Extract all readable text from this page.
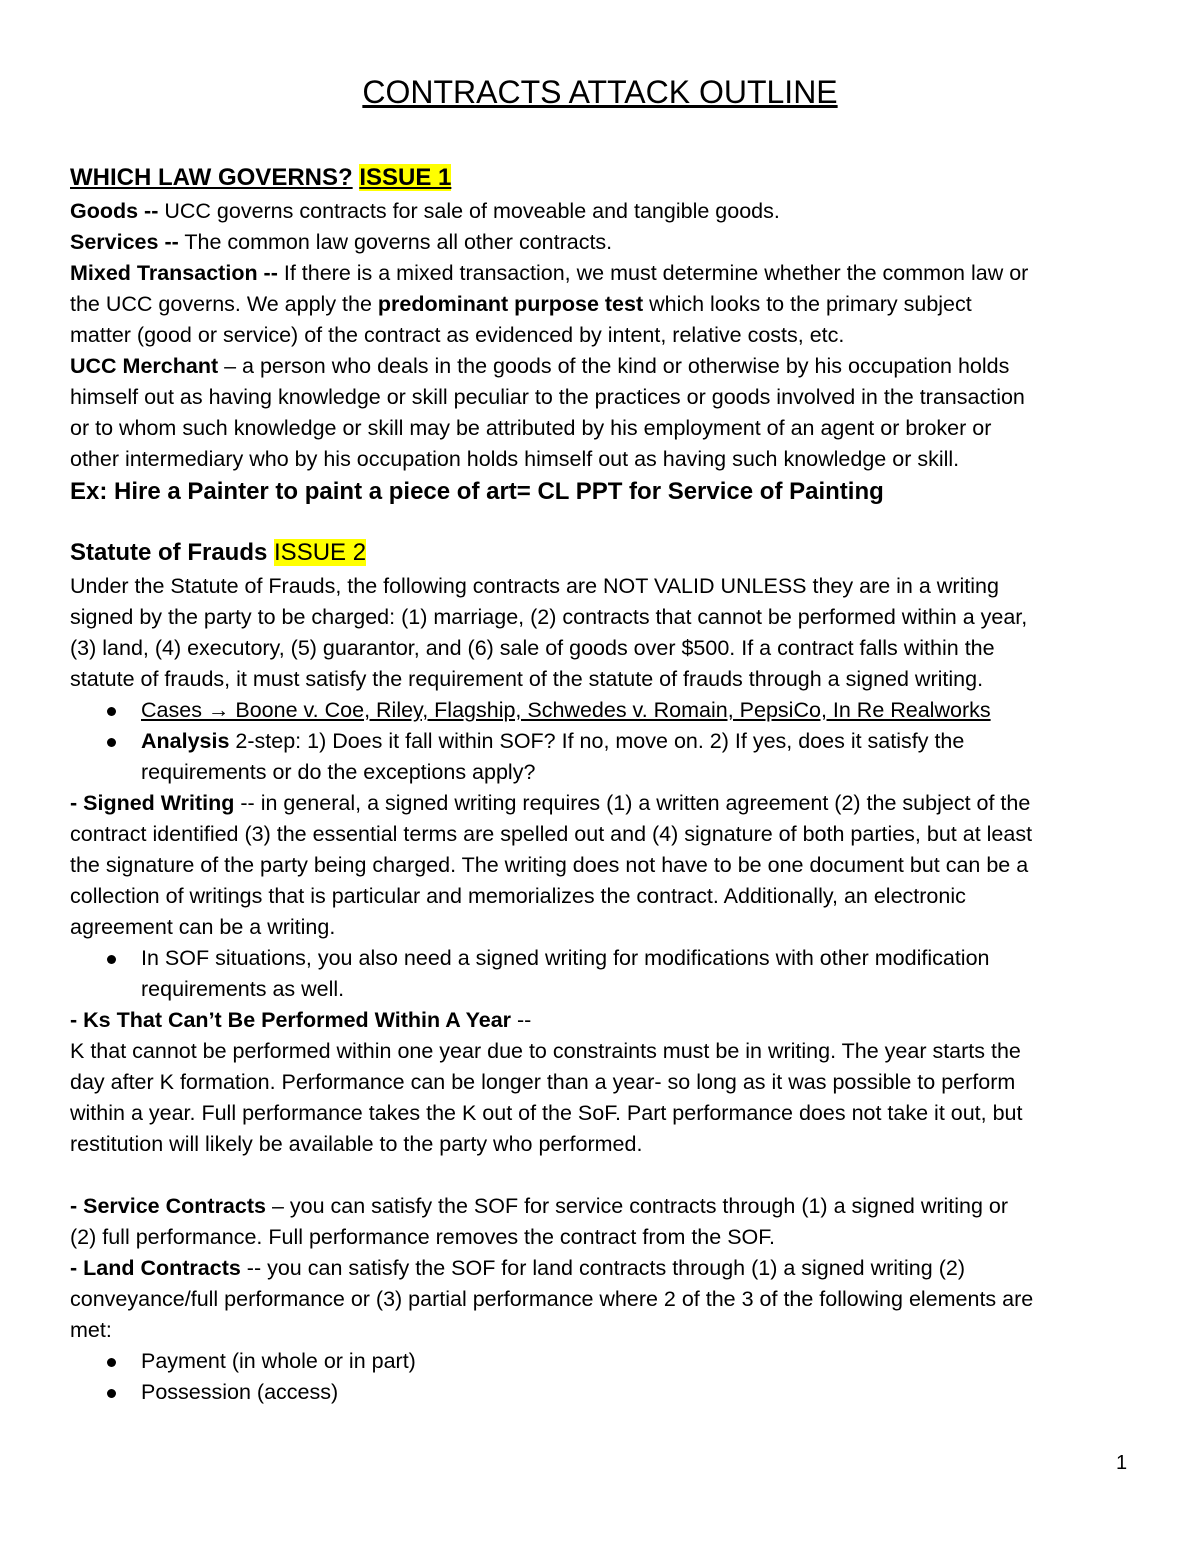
CONTRACTS ATTACK OUTLINE
WHICH LAW GOVERNS? ISSUE 1
Goods -- UCC governs contracts for sale of moveable and tangible goods.
Services -- The common law governs all other contracts.
Mixed Transaction -- If there is a mixed transaction, we must determine whether the common law or
the UCC governs. We apply the predominant purpose test which looks to the primary subject
matter (good or service) of the contract as evidenced by intent, relative costs, etc.
UCC Merchant – a person who deals in the goods of the kind or otherwise by his occupation holds
himself out as having knowledge or skill peculiar to the practices or goods involved in the transaction
or to whom such knowledge or skill may be attributed by his employment of an agent or broker or
other intermediary who by his occupation holds himself out as having such knowledge or skill.
Ex: Hire a Painter to paint a piece of art= CL PPT for Service of Painting
Statute of Frauds ISSUE 2
Under the Statute of Frauds, the following contracts are NOT VALID UNLESS they are in a writing
signed by the party to be charged: (1) marriage, (2) contracts that cannot be performed within a year,
(3) land, (4) executory, (5) guarantor, and (6) sale of goods over $500. If a contract falls within the
statute of frauds, it must satisfy the requirement of the statute of frauds through a signed writing.
Cases → Boone v. Coe, Riley, Flagship, Schwedes v. Romain, PepsiCo, In Re Realworks
Analysis 2-step: 1) Does it fall within SOF? If no, move on. 2) If yes, does it satisfy the
requirements or do the exceptions apply?
- Signed Writing -- in general, a signed writing requires (1) a written agreement (2) the subject of the
contract identified (3) the essential terms are spelled out and (4) signature of both parties, but at least
the signature of the party being charged. The writing does not have to be one document but can be a
collection of writings that is particular and memorializes the contract. Additionally, an electronic
agreement can be a writing.
In SOF situations, you also need a signed writing for modifications with other modification
requirements as well.
- Ks That Can’t Be Performed Within A Year --
K that cannot be performed within one year due to constraints must be in writing. The year starts the
day after K formation. Performance can be longer than a year- so long as it was possible to perform
within a year. Full performance takes the K out of the SoF. Part performance does not take it out, but
restitution will likely be available to the party who performed.
- Service Contracts – you can satisfy the SOF for service contracts through (1) a signed writing or
(2) full performance. Full performance removes the contract from the SOF.
- Land Contracts -- you can satisfy the SOF for land contracts through (1) a signed writing (2)
conveyance/full performance or (3) partial performance where 2 of the 3 of the following elements are
met:
Payment (in whole or in part)
Possession (access)
1
